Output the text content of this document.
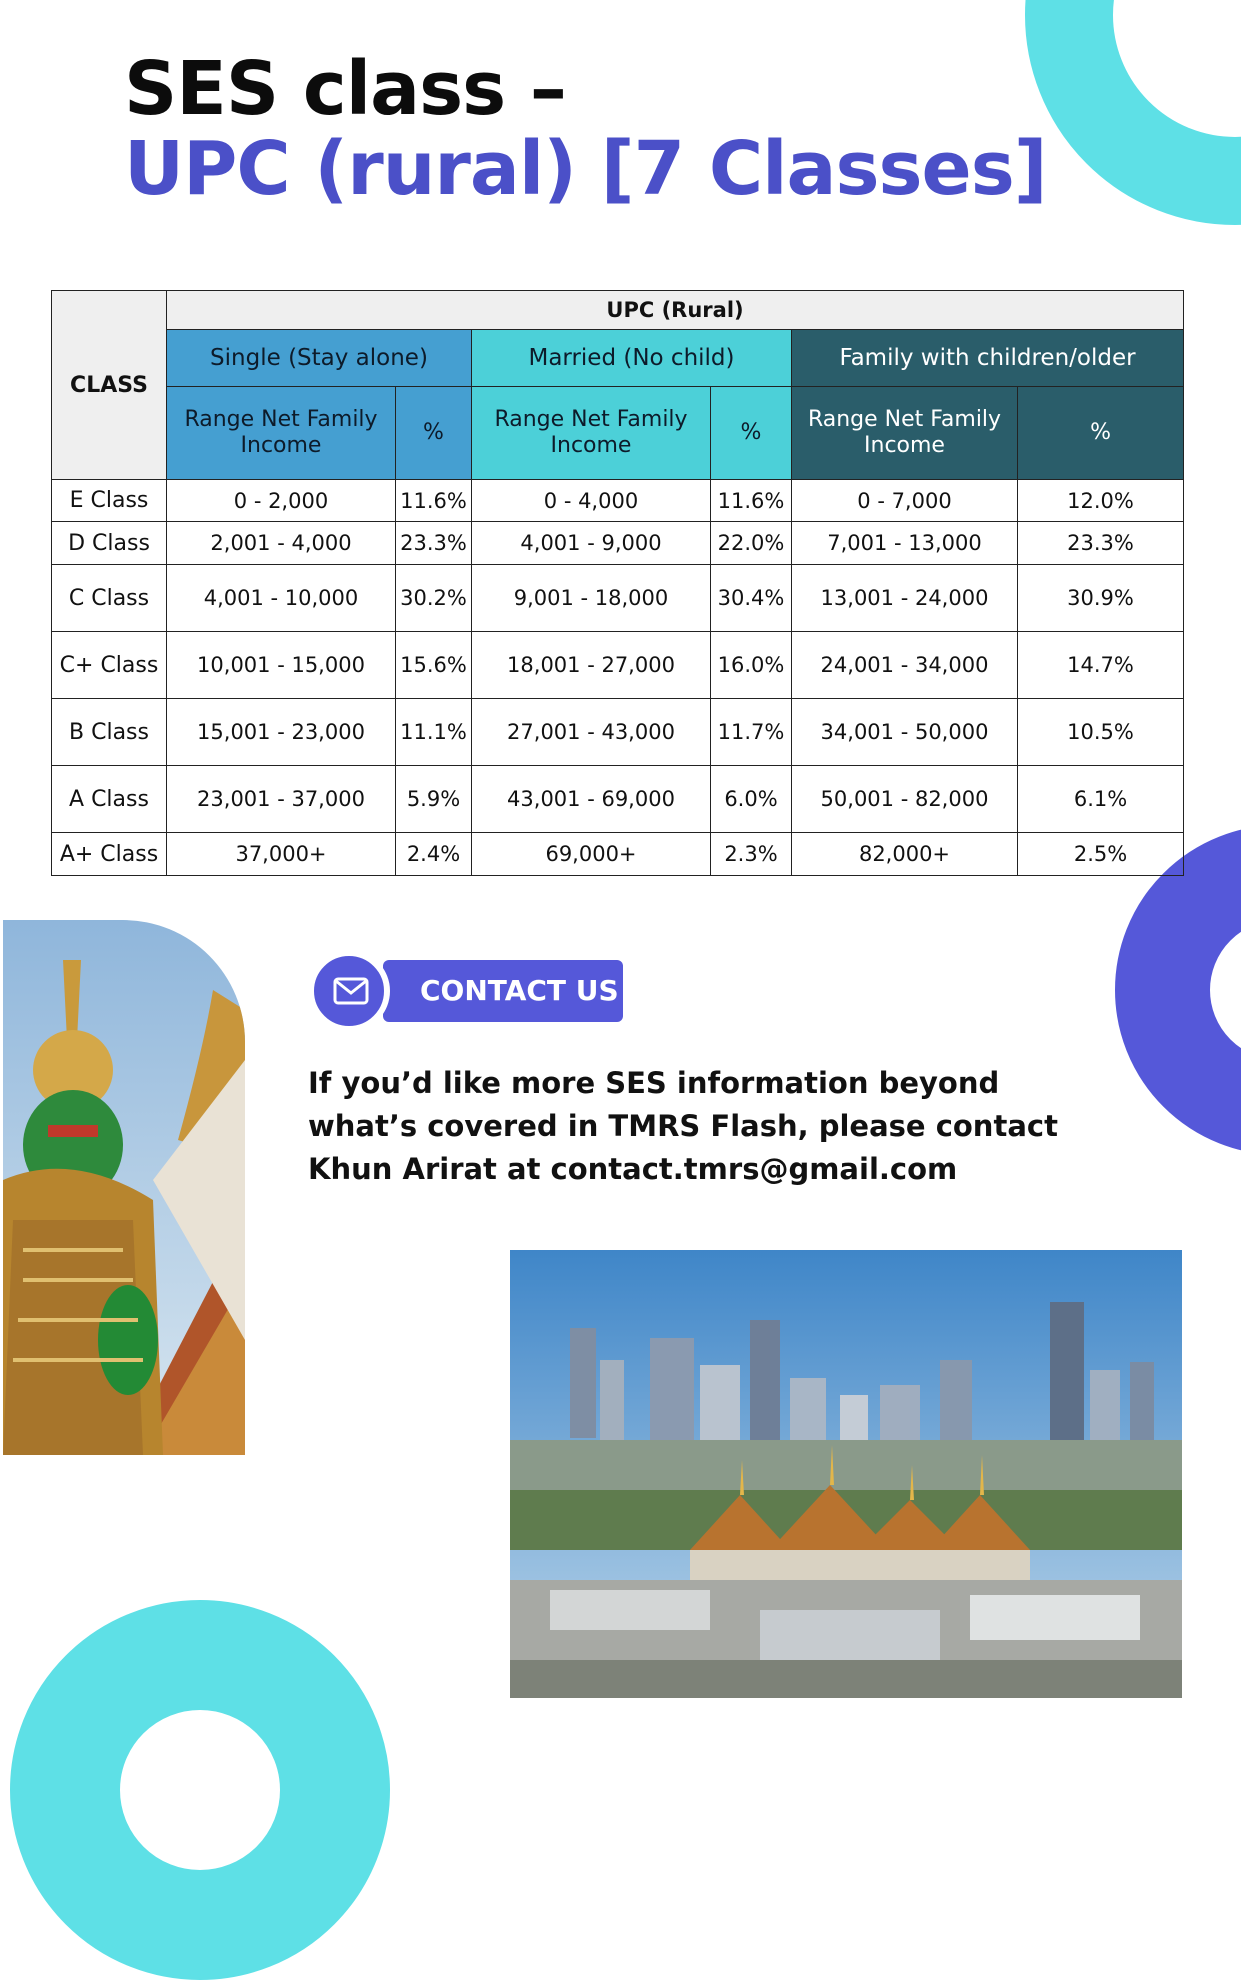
SES class –
UPC (rural) [7 Classes]
CLASS	UPC (Rural)					
	Single (Stay alone)		Married (No child)		Family with children/older	
	Range Net Family Income	%	Range Net Family Income	%	Range Net Family Income	%
E Class	0 - 2,000	11.6%	0 - 4,000	11.6%	0 - 7,000	12.0%
D Class	2,001 - 4,000	23.3%	4,001 - 9,000	22.0%	7,001 - 13,000	23.3%
C Class	4,001 - 10,000	30.2%	9,001 - 18,000	30.4%	13,001 - 24,000	30.9%
C+ Class	10,001 - 15,000	15.6%	18,001 - 27,000	16.0%	24,001 - 34,000	14.7%
B Class	15,001 - 23,000	11.1%	27,001 - 43,000	11.7%	34,001 - 50,000	10.5%
A Class	23,001 - 37,000	5.9%	43,001 - 69,000	6.0%	50,001 - 82,000	6.1%
A+ Class	37,000+	2.4%	69,000+	2.3%	82,000+	2.5%
CONTACT US

If you’d like more SES information beyond what’s covered in TMRS Flash, please contact Khun Arirat at contact.tmrs@gmail.com
